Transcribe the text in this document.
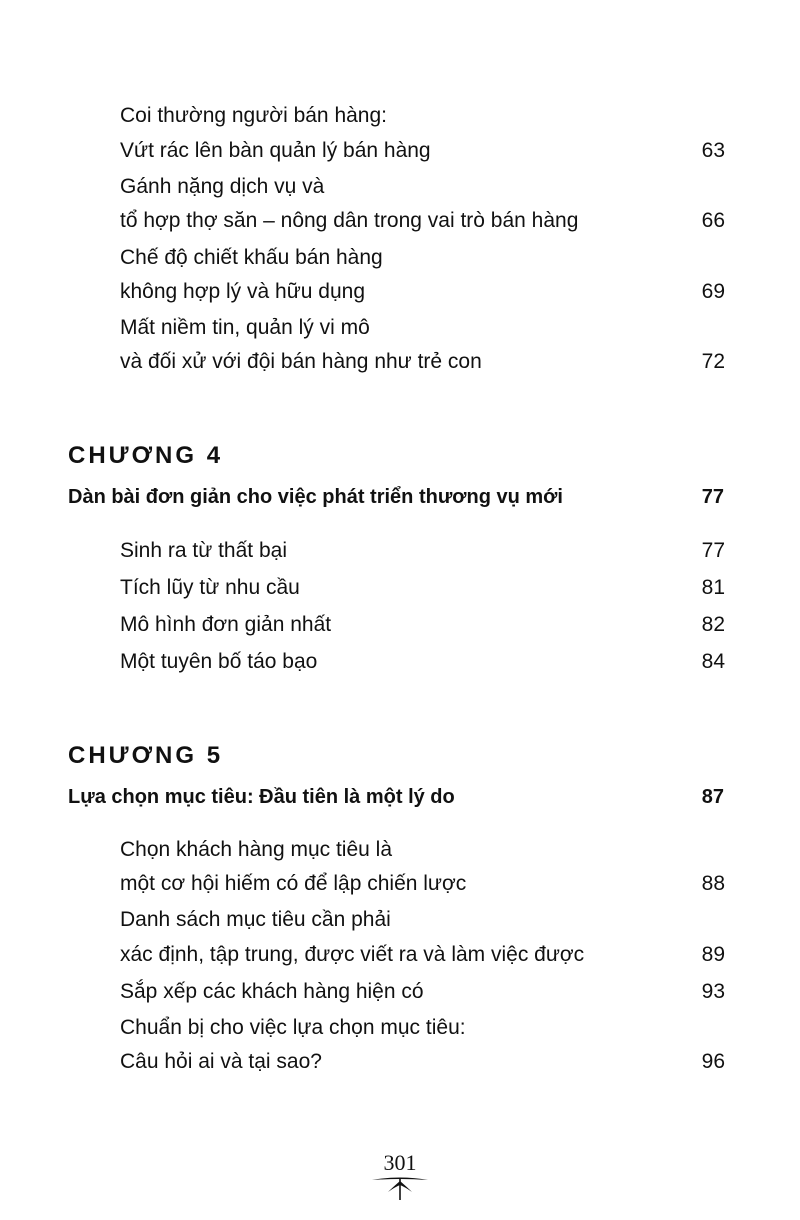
Coi thường người bán hàng:
Vứt rác lên bàn quản lý bán hàng	63
Gánh nặng dịch vụ và
tổ hợp thợ săn – nông dân trong vai trò bán hàng	66
Chế độ chiết khấu bán hàng
không hợp lý và hữu dụng	69
Mất niềm tin, quản lý vi mô
và đối xử với đội bán hàng như trẻ con	72
CHƯƠNG 4
Dàn bài đơn giản cho việc phát triển thương vụ mới	77
Sinh ra từ thất bại	77
Tích lũy từ nhu cầu	81
Mô hình đơn giản nhất	82
Một tuyên bố táo bạo	84
CHƯƠNG 5
Lựa chọn mục tiêu: Đầu tiên là một lý do	87
Chọn khách hàng mục tiêu là
một cơ hội hiếm có để lập chiến lược	88
Danh sách mục tiêu cần phải
xác định, tập trung, được viết ra và làm việc được	89
Sắp xếp các khách hàng hiện có	93
Chuẩn bị cho việc lựa chọn mục tiêu:
Câu hỏi ai và tại sao?	96
301
